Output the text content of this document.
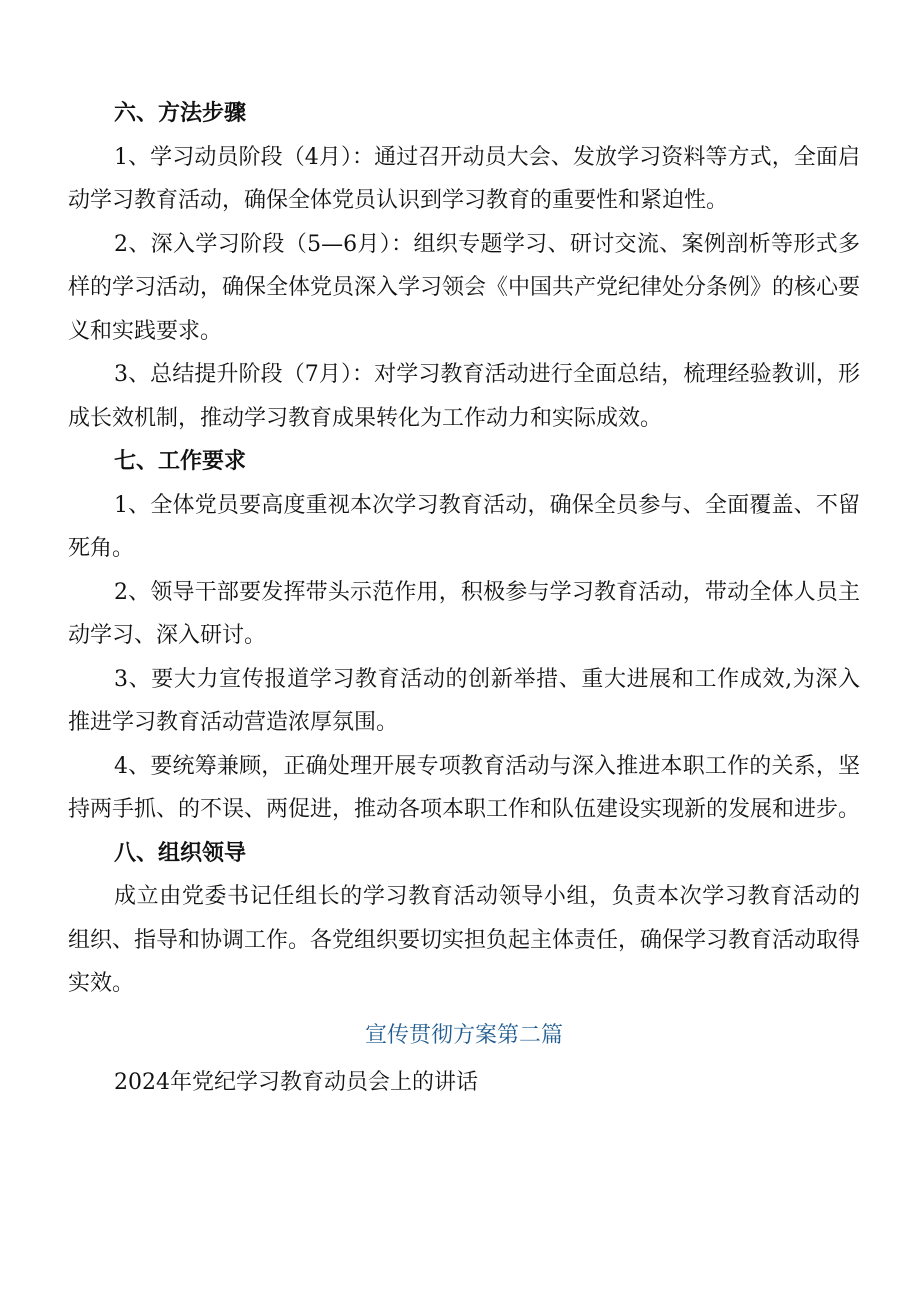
六、方法步骤

1、学习动员阶段（4月）：通过召开动员大会、发放学习资料等方式，全面启动学习教育活动，确保全体党员认识到学习教育的重要性和紧迫性。

2、深入学习阶段（5—6月）：组织专题学习、研讨交流、案例剖析等形式多样的学习活动，确保全体党员深入学习领会《中国共产党纪律处分条例》的核心要义和实践要求。

3、总结提升阶段（7月）：对学习教育活动进行全面总结，梳理经验教训，形成长效机制，推动学习教育成果转化为工作动力和实际成效。

七、工作要求

1、全体党员要高度重视本次学习教育活动，确保全员参与、全面覆盖、不留死角。

2、领导干部要发挥带头示范作用，积极参与学习教育活动，带动全体人员主动学习、深入研讨。

3、要大力宣传报道学习教育活动的创新举措、重大进展和工作成效,为深入推进学习教育活动营造浓厚氛围。

4、要统筹兼顾，正确处理开展专项教育活动与深入推进本职工作的关系，坚持两手抓、的不误、两促进，推动各项本职工作和队伍建设实现新的发展和进步。

八、组织领导

成立由党委书记任组长的学习教育活动领导小组，负责本次学习教育活动的组织、指导和协调工作。各党组织要切实担负起主体责任，确保学习教育活动取得实效。

宣传贯彻方案第二篇

2024年党纪学习教育动员会上的讲话
